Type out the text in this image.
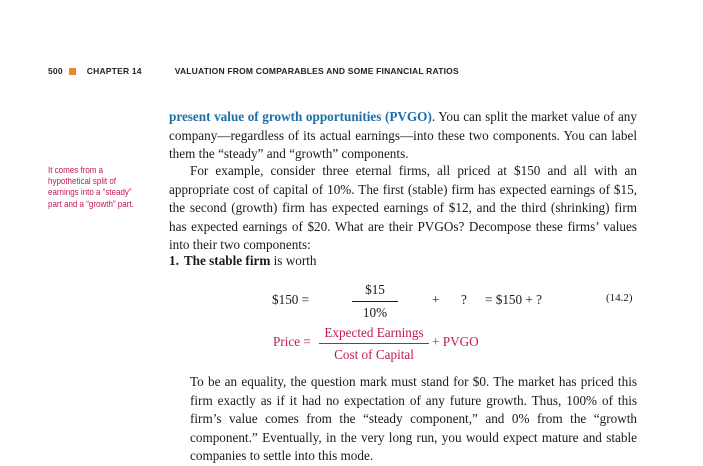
500	CHAPTER 14	VALUATION FROM COMPARABLES AND SOME FINANCIAL RATIOS
It comes from a hypothetical split of earnings into a “steady” part and a “growth” part.

present value of growth opportunities (PVGO). You can split the market value of any company—regardless of its actual earnings—into these two components. You can label them the “steady” and “growth” components.

For example, consider three eternal firms, all priced at $150 and all with an appropriate cost of capital of 10%. The first (stable) firm has expected earnings of $15, the second (growth) firm has expected earnings of $12, and the third (shrinking) firm has expected earnings of $20. What are their PVGOs? Decompose these firms’ values into their two components:

1. The stable firm is worth
$150 =
$15
10%
+ ? = $150 + ?	(14.2)
Price =
Expected Earnings
Cost of Capital
+ PVGO

To be an equality, the question mark must stand for $0. The market has priced this firm exactly as if it had no expectation of any future growth. Thus, 100% of this firm’s value comes from the “steady component,” and 0% from the “growth component.” Eventually, in the very long run, you would expect mature and stable companies to settle into this mode.
